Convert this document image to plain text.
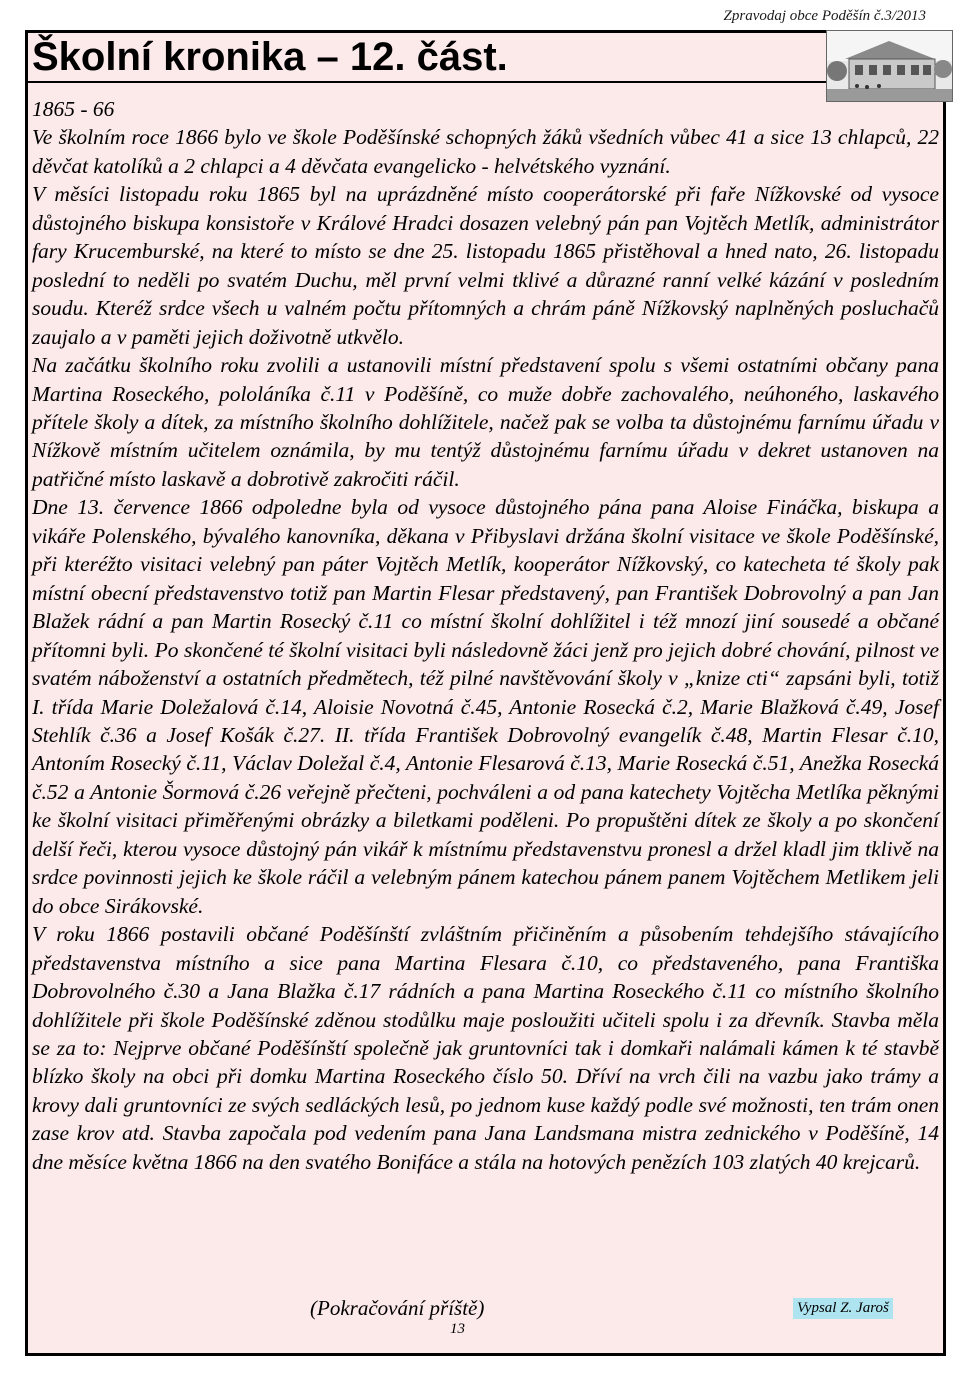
Školní kronika – 12. část.

1865 - 66

Ve školním roce 1866 bylo ve škole Poděšínské schopných žáků všedních vůbec 41 a sice 13 chlapců, 22 děvčat katolíků a 2 chlapci a 4 děvčata evangelicko - helvétského vyznání.

V měsíci listopadu roku 1865 byl na uprázdněné místo cooperátorské při faře Nížkovské od vysoce důstojného biskupa konsistoře v Králové Hradci dosazen velebný pán pan Vojtěch Metlík, administrátor fary Krucemburské, na které to místo se dne 25. listopadu 1865 přistěhoval a hned nato, 26. listopadu poslední to neděli po svatém Duchu, měl první velmi tklivé a důrazné ranní velké kázání v posledním soudu. Kteréž srdce všech u valném počtu přítomných a chrám páně Nížkovský naplněných posluchačů zaujalo a v paměti jejich doživotně utkvělo.

Na začátku školního roku zvolili a ustanovili místní představení spolu s všemi ostatními občany pana Martina Roseckého, pololáníka č.11 v Poděšíně, co muže dobře zachovalého, neúhoného, laskavého přítele školy a dítek, za místního školního dohlížitele, načež pak se volba ta důstojnému farnímu úřadu v Nížkově místním učitelem oznámila, by mu tentýž důstojnému farnímu úřadu v dekret ustanoven na patřičné místo laskavě a dobrotivě zakročiti ráčil.

Dne 13. července 1866 odpoledne byla od vysoce důstojného pána pana Aloise Fináčka, biskupa a vikáře Polenského, bývalého kanovníka, děkana v Přibyslavi držána školní visitace ve škole Poděšínské, při kteréžto visitaci velebný pan páter Vojtěch Metlík, kooperátor Nížkovský, co katecheta té školy pak místní obecní představenstvo totiž pan Martin Flesar představený, pan František Dobrovolný a pan Jan Blažek rádní a pan Martin Rosecký č.11 co místní školní dohlížitel i též mnozí jiní sousedé a občané přítomni byli. Po skončené té školní visitaci byli následovně žáci jenž pro jejich dobré chování, pilnost ve svatém náboženství a ostatních předmětech, též pilné navštěvování školy v „knize cti“ zapsáni byli, totiž I. třída Marie Doležalová č.14, Aloisie Novotná č.45, Antonie Rosecká č.2, Marie Blažková č.49, Josef Stehlík č.36 a Josef Košák č.27. II. třída František Dobrovolný evangelík č.48, Martin Flesar č.10, Antoním Rosecký č.11, Václav Doležal č.4, Antonie Flesarová č.13, Marie Rosecká č.51, Anežka Rosecká č.52 a Antonie Šormová č.26 veřejně přečteni, pochváleni a od pana katechety Vojtěcha Metlíka pěknými ke školní visitaci přiměřenými obrázky a biletkami poděleni. Po propuštěni dítek ze školy a po skončení delší řeči, kterou vysoce důstojný pán vikář k místnímu představenstvu pronesl a držel kladl jim tklivě na srdce povinnosti jejich ke škole ráčil a velebným pánem katechou pánem panem Vojtěchem Metlikem jeli do obce Sirákovské.

V roku 1866 postavili občané Poděšínští zvláštním přičiněním a působením tehdejšího stávajícího představenstva místního a sice pana Martina Flesara č.10, co představeného, pana Františka Dobrovolného č.30 a Jana Blažka č.17 rádních a pana Martina Roseckého č.11 co místního školního dohlížitele při škole Poděšínské zděnou stodůlku maje posloužiti učiteli spolu i za dřevník. Stavba měla se za to: Nejprve občané Poděšínští společně jak gruntovníci tak i domkaři nalámali kámen k té stavbě blízko školy na obci při domku Martina Roseckého číslo 50. Dříví na vrch čili na vazbu jako trámy a krovy dali gruntovníci ze svých sedláckých lesů, po jednom kuse každý podle své možnosti, ten trám onen zase krov atd. Stavba započala pod vedením pana Jana Landsmana mistra zednického v Poděšíně, 14 dne měsíce května 1866 na den svatého Bonifáce a stála na hotových penězích 103 zlatých 40 krejcarů.

Zpravodaj obce Poděšín č.3/2013
(Pokračování příště)	Vypsal Z. Jaroš
13
